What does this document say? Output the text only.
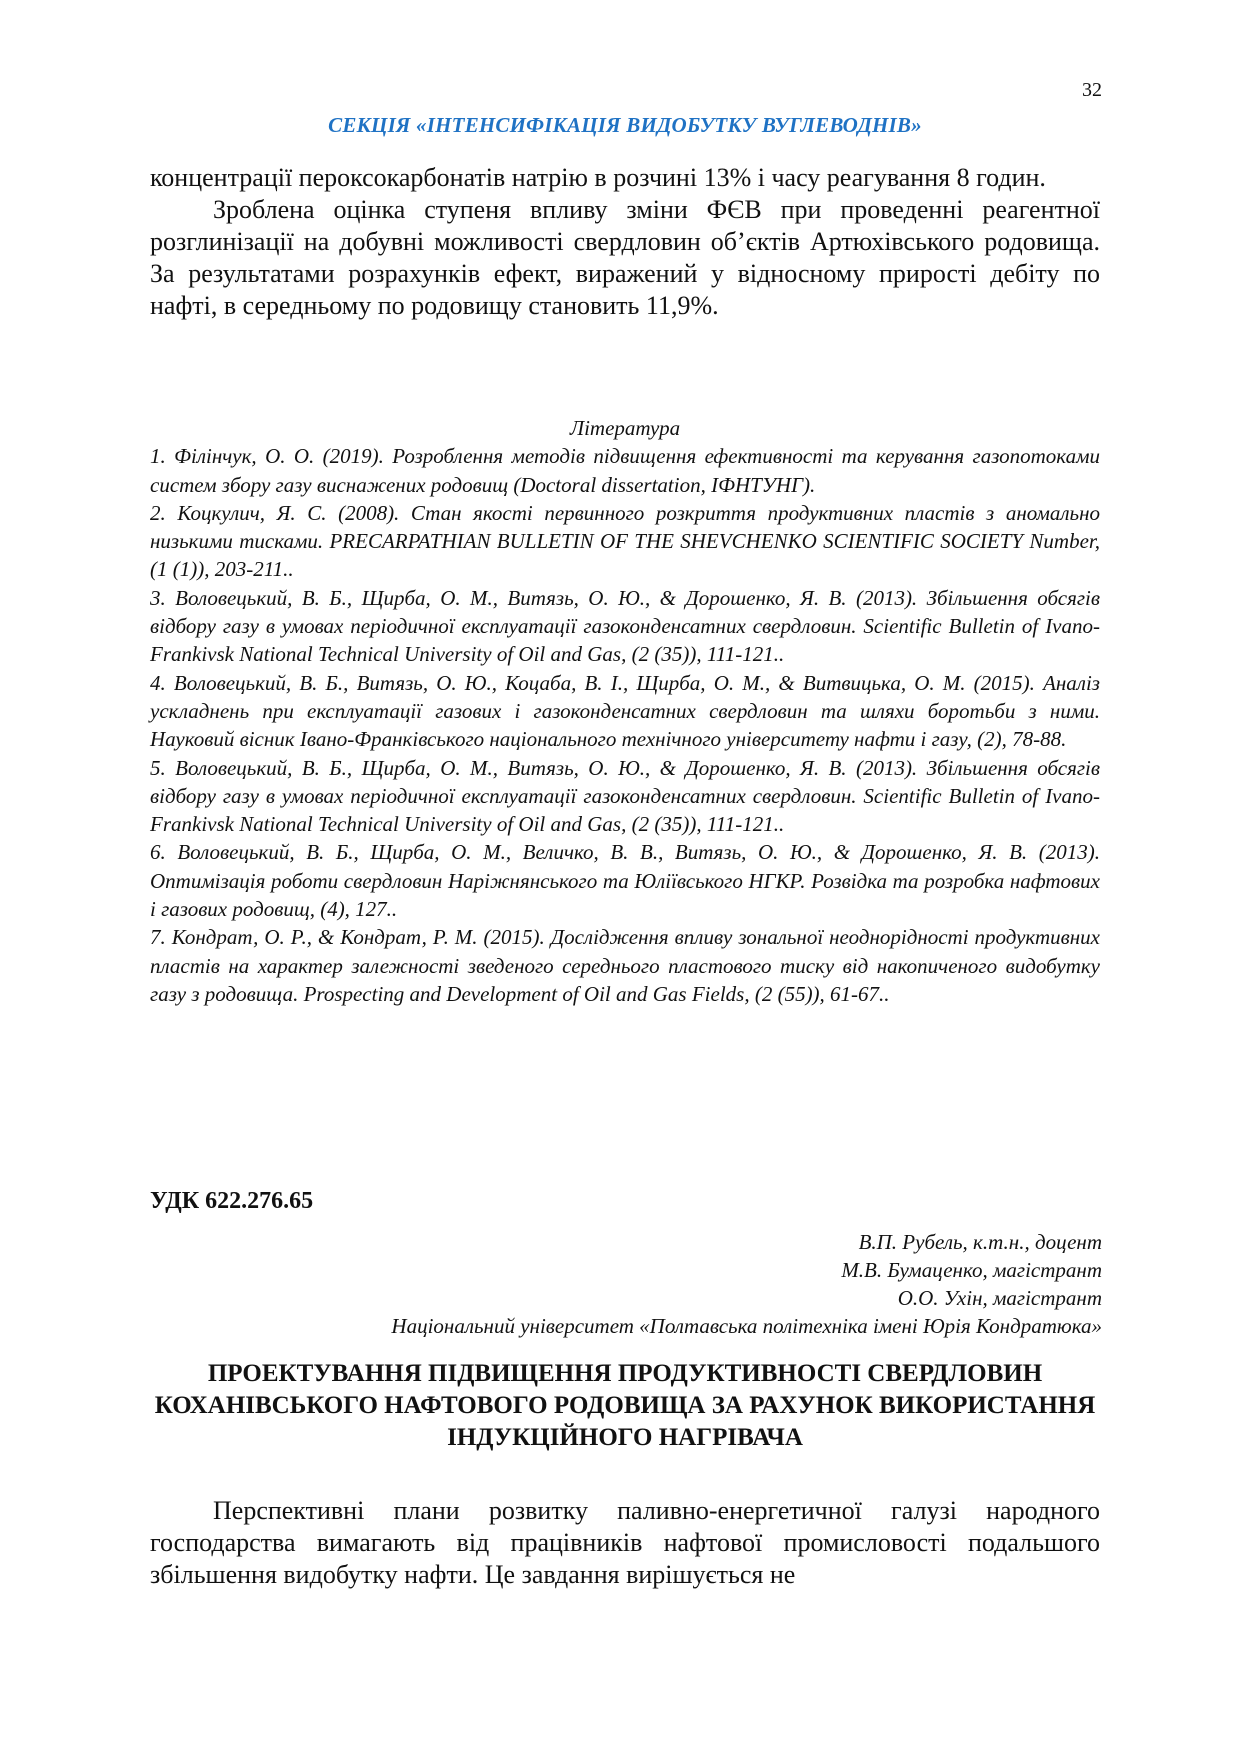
32
СЕКЦІЯ «ІНТЕНСИФІКАЦІЯ ВИДОБУТКУ ВУГЛЕВОДНІВ»

концентрації пероксокарбонатів натрію в розчині 13% і часу реагування 8 годин.

Зроблена оцінка ступеня впливу зміни ФЄВ при проведенні реагентної розглинізації на добувні можливості свердловин об’єктів Артюхівського родовища. За результатами розрахунків ефект, виражений у відносному прирості дебіту по нафті, в середньому по родовищу становить 11,9%.

Література

1. Філінчук, О. О. (2019). Розроблення методів підвищення ефективності та керування газопотоками систем збору газу виснажених родовищ (Doctoral dissertation, ІФНТУНГ).

2. Коцкулич, Я. С. (2008). Стан якості первинного розкриття продуктивних пластів з аномально низькими тисками. PRECARPATHIAN BULLETIN OF THE SHEVCHENKO SCIENTIFIC SOCIETY Number, (1 (1)), 203-211..

3. Воловецький, В. Б., Щирба, О. М., Витязь, О. Ю., & Дорошенко, Я. В. (2013). Збільшення обсягів відбору газу в умовах періодичної експлуатації газоконденсатних свердловин. Scientific Bulletin of Ivano-Frankivsk National Technical University of Oil and Gas, (2 (35)), 111-121..

4. Воловецький, В. Б., Витязь, О. Ю., Коцаба, В. І., Щирба, О. М., & Витвицька, О. М. (2015). Аналіз ускладнень при експлуатації газових і газоконденсатних свердловин та шляхи боротьби з ними. Науковий вісник Івано-Франківського національного технічного університету нафти і газу, (2), 78-88.

5. Воловецький, В. Б., Щирба, О. М., Витязь, О. Ю., & Дорошенко, Я. В. (2013). Збільшення обсягів відбору газу в умовах періодичної експлуатації газоконденсатних свердловин. Scientific Bulletin of Ivano-Frankivsk National Technical University of Oil and Gas, (2 (35)), 111-121..

6. Воловецький, В. Б., Щирба, О. М., Величко, В. В., Витязь, О. Ю., & Дорошенко, Я. В. (2013). Оптимізація роботи свердловин Наріжнянського та Юліївського НГКР. Розвідка та розробка нафтових і газових родовищ, (4), 127..

7. Кондрат, О. Р., & Кондрат, Р. М. (2015). Дослідження впливу зональної неоднорідності продуктивних пластів на характер залежності зведеного середнього пластового тиску від накопиченого видобутку газу з родовища. Prospecting and Development of Oil and Gas Fields, (2 (55)), 61-67..

УДК 622.276.65

В.П. Рубель, к.т.н., доцент

М.В. Бумаценко, магістрант

О.О. Ухін, магістрант

Національний університет «Полтавська політехніка імені Юрія Кондратюка»

ПРОЕКТУВАННЯ ПІДВИЩЕННЯ ПРОДУКТИВНОСТІ СВЕРДЛОВИН КОХАНІВСЬКОГО НАФТОВОГО РОДОВИЩА ЗА РАХУНОК ВИКОРИСТАННЯ ІНДУКЦІЙНОГО НАГРІВАЧА

Перспективні плани розвитку паливно-енергетичної галузі народного господарства вимагають від працівників нафтової промисловості подальшого збільшення видобутку нафти. Це завдання вирішується не
